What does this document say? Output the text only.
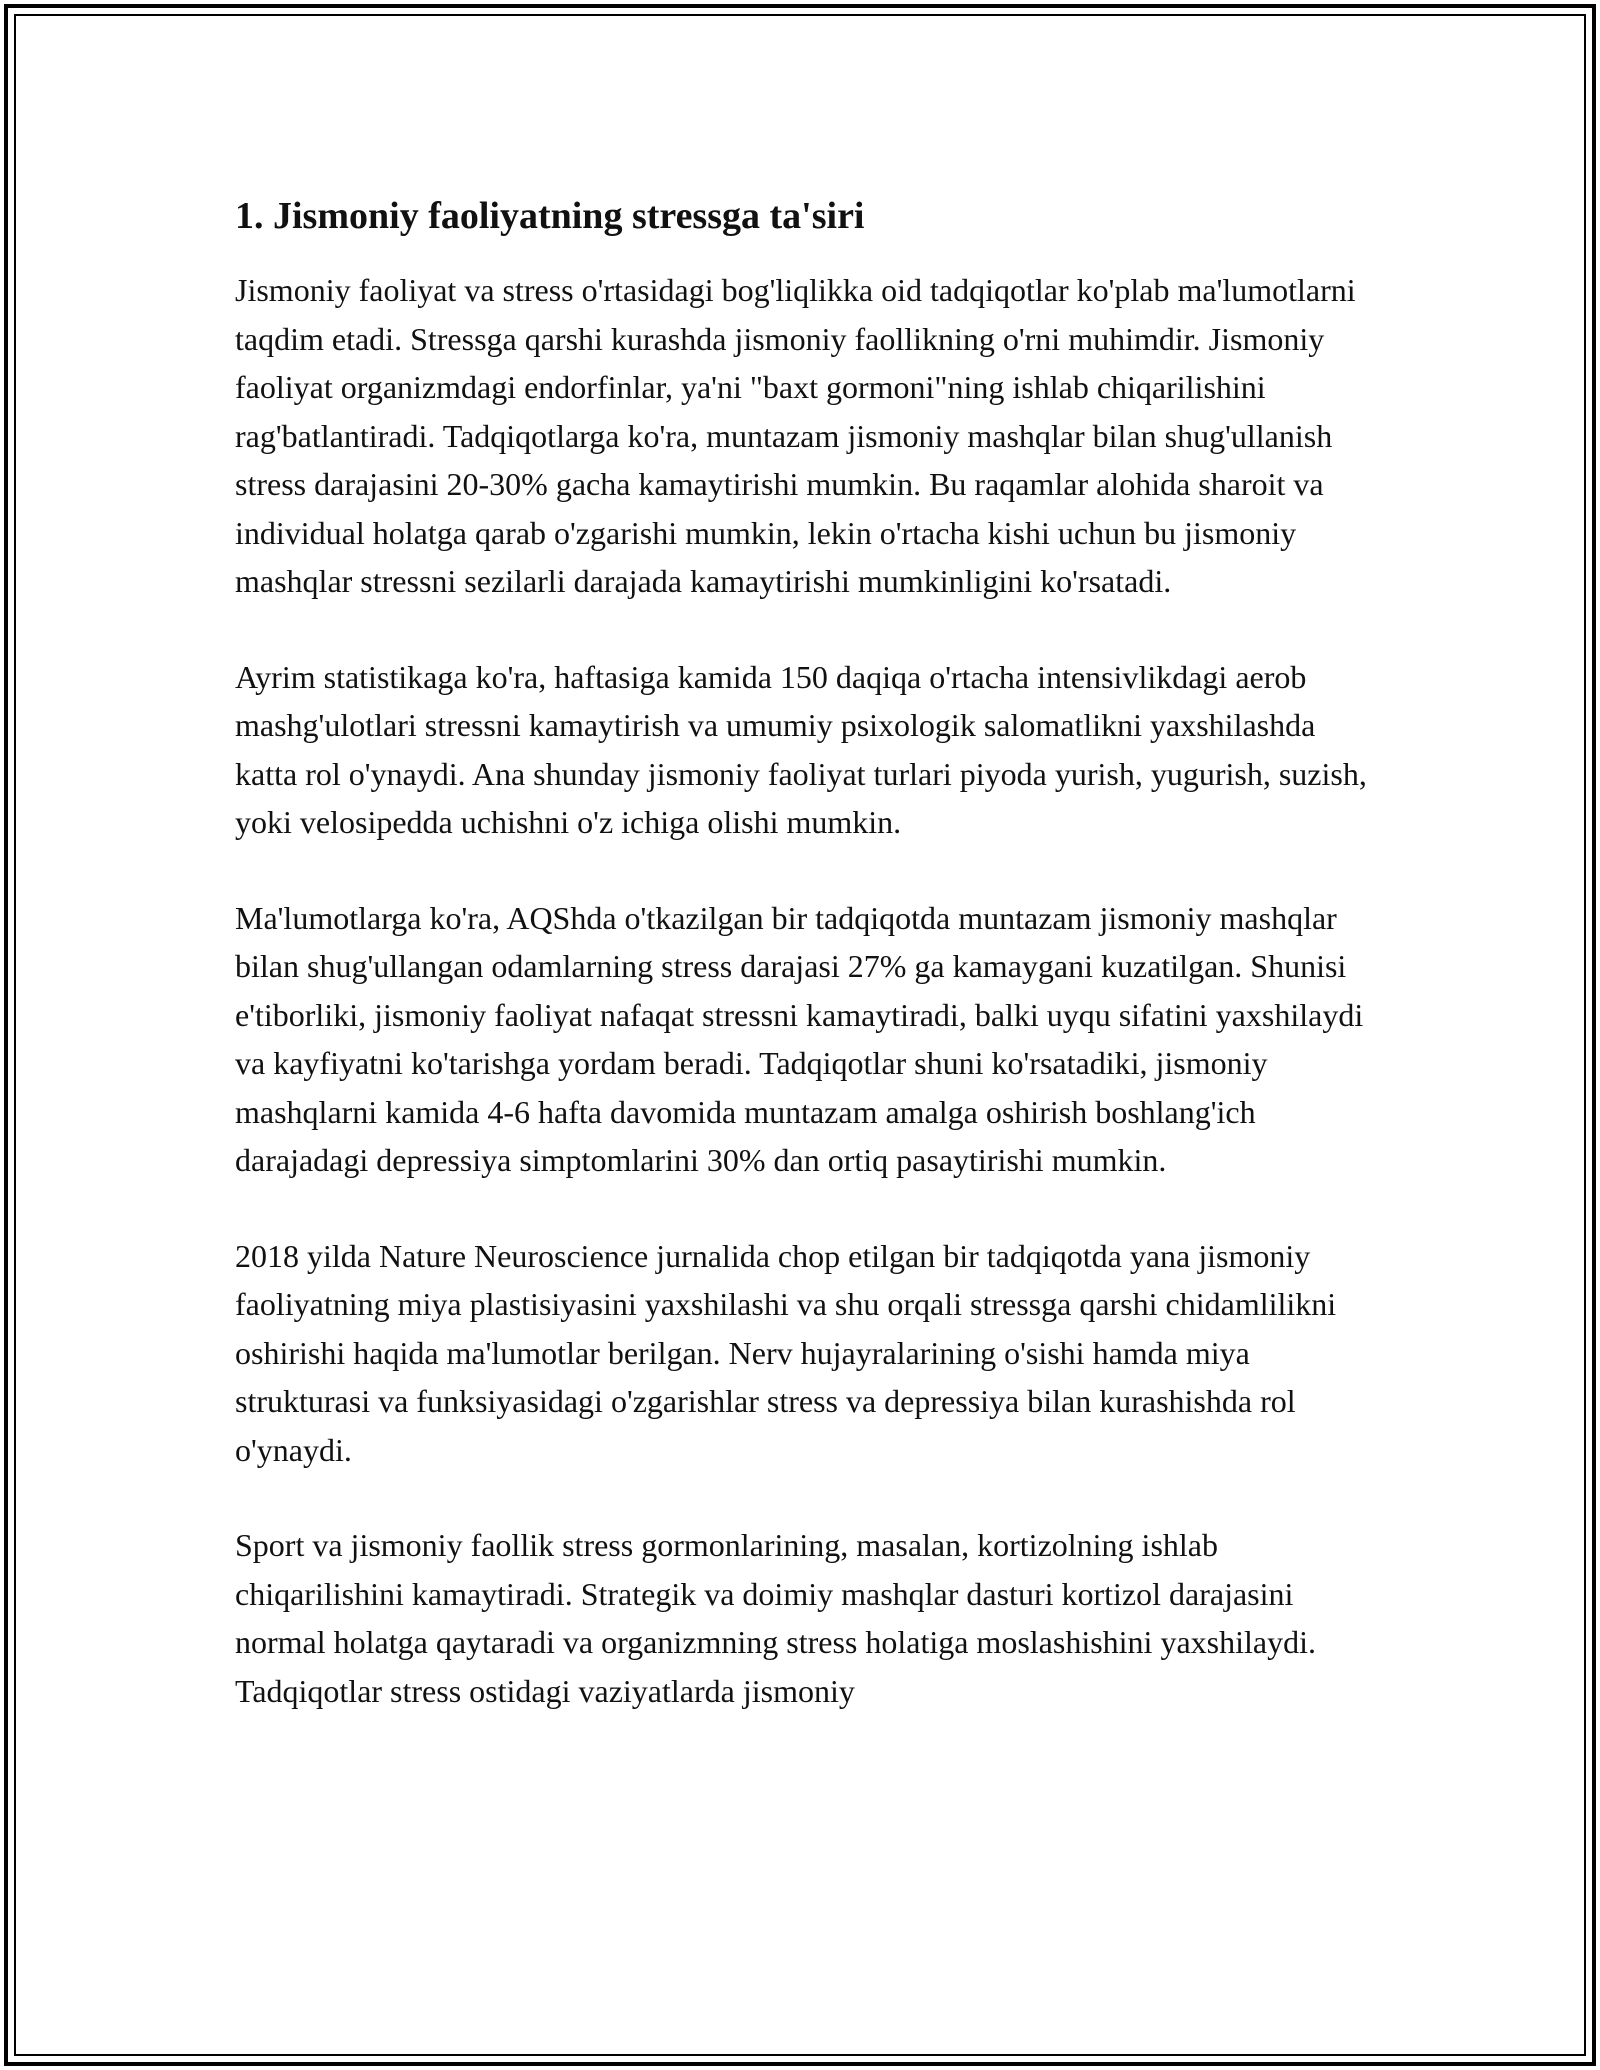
1. Jismoniy faoliyatning stressga ta'siri

Jismoniy faoliyat va stress o'rtasidagi bog'liqlikka oid tadqiqotlar ko'plab ma'lumotlarni taqdim etadi. Stressga qarshi kurashda jismoniy faollikning o'rni muhimdir. Jismoniy faoliyat organizmdagi endorfinlar, ya'ni "baxt gormoni"ning ishlab chiqarilishini rag'batlantiradi. Tadqiqotlarga ko'ra, muntazam jismoniy mashqlar bilan shug'ullanish stress darajasini 20-30% gacha kamaytirishi mumkin. Bu raqamlar alohida sharoit va individual holatga qarab o'zgarishi mumkin, lekin o'rtacha kishi uchun bu jismoniy mashqlar stressni sezilarli darajada kamaytirishi mumkinligini ko'rsatadi.

Ayrim statistikaga ko'ra, haftasiga kamida 150 daqiqa o'rtacha intensivlikdagi aerob mashg'ulotlari stressni kamaytirish va umumiy psixologik salomatlikni yaxshilashda katta rol o'ynaydi. Ana shunday jismoniy faoliyat turlari piyoda yurish, yugurish, suzish, yoki velosipedda uchishni o'z ichiga olishi mumkin.

Ma'lumotlarga ko'ra, AQShda o'tkazilgan bir tadqiqotda muntazam jismoniy mashqlar bilan shug'ullangan odamlarning stress darajasi 27% ga kamaygani kuzatilgan. Shunisi e'tiborliki, jismoniy faoliyat nafaqat stressni kamaytiradi, balki uyqu sifatini yaxshilaydi va kayfiyatni ko'tarishga yordam beradi. Tadqiqotlar shuni ko'rsatadiki, jismoniy mashqlarni kamida 4-6 hafta davomida muntazam amalga oshirish boshlang'ich darajadagi depressiya simptomlarini 30% dan ortiq pasaytirishi mumkin.

2018 yilda Nature Neuroscience jurnalida chop etilgan bir tadqiqotda yana jismoniy faoliyatning miya plastisiyasini yaxshilashi va shu orqali stressga qarshi chidamlilikni oshirishi haqida ma'lumotlar berilgan. Nerv hujayralarining o'sishi hamda miya strukturasi va funksiyasidagi o'zgarishlar stress va depressiya bilan kurashishda rol o'ynaydi.

Sport va jismoniy faollik stress gormonlarining, masalan, kortizolning ishlab chiqarilishini kamaytiradi. Strategik va doimiy mashqlar dasturi kortizol darajasini normal holatga qaytaradi va organizmning stress holatiga moslashishini yaxshilaydi. Tadqiqotlar stress ostidagi vaziyatlarda jismoniy
